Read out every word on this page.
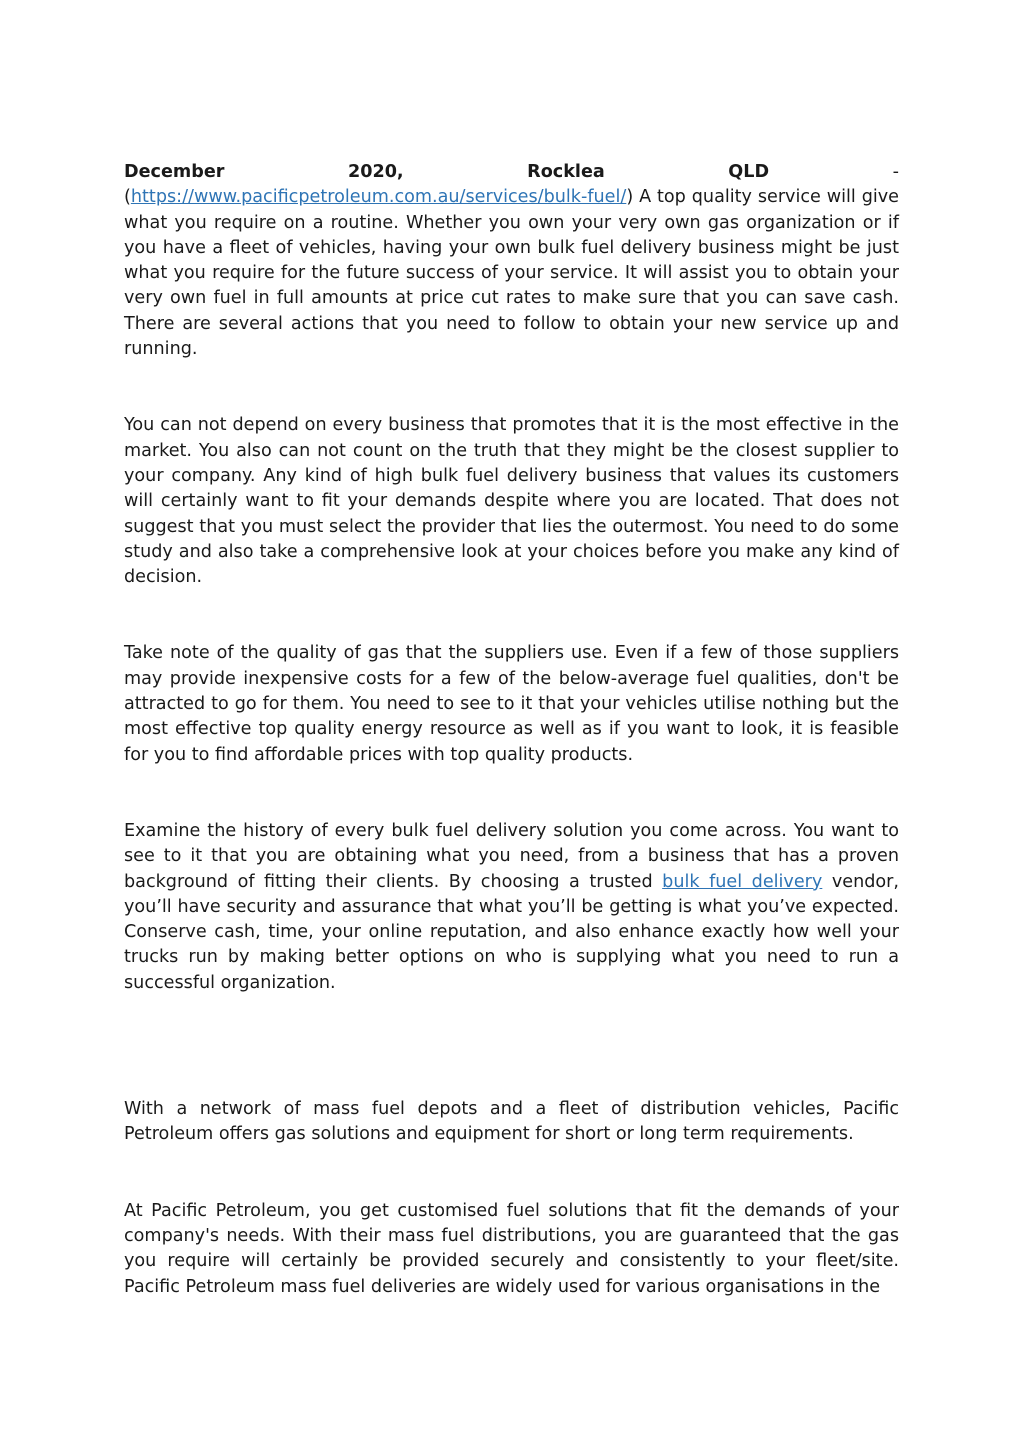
December	2020,	Rocklea	QLD	-

(https://www.pacificpetroleum.com.au/services/bulk-fuel/) A top quality service will give what you require on a routine. Whether you own your very own gas organization or if you have a fleet of vehicles, having your own bulk fuel delivery business might be just what you require for the future success of your service. It will assist you to obtain your very own fuel in full amounts at price cut rates to make sure that you can save cash. There are several actions that you need to follow to obtain your new service up and running.

You can not depend on every business that promotes that it is the most effective in the market. You also can not count on the truth that they might be the closest supplier to your company. Any kind of high bulk fuel delivery business that values its customers will certainly want to fit your demands despite where you are located. That does not suggest that you must select the provider that lies the outermost. You need to do some study and also take a comprehensive look at your choices before you make any kind of decision.

Take note of the quality of gas that the suppliers use. Even if a few of those suppliers may provide inexpensive costs for a few of the below-average fuel qualities, don't be attracted to go for them. You need to see to it that your vehicles utilise nothing but the most effective top quality energy resource as well as if you want to look, it is feasible for you to find affordable prices with top quality products.

Examine the history of every bulk fuel delivery solution you come across. You want to see to it that you are obtaining what you need, from a business that has a proven background of fitting their clients. By choosing a trusted bulk fuel delivery vendor, you’ll have security and assurance that what you’ll be getting is what you’ve expected. Conserve cash, time, your online reputation, and also enhance exactly how well your trucks run by making better options on who is supplying what you need to run a successful organization.

With a network of mass fuel depots and a fleet of distribution vehicles, Pacific Petroleum offers gas solutions and equipment for short or long term requirements.

At Pacific Petroleum, you get customised fuel solutions that fit the demands of your company's needs. With their mass fuel distributions, you are guaranteed that the gas you require will certainly be provided securely and consistently to your fleet/site. Pacific Petroleum mass fuel deliveries are widely used for various organisations in the
